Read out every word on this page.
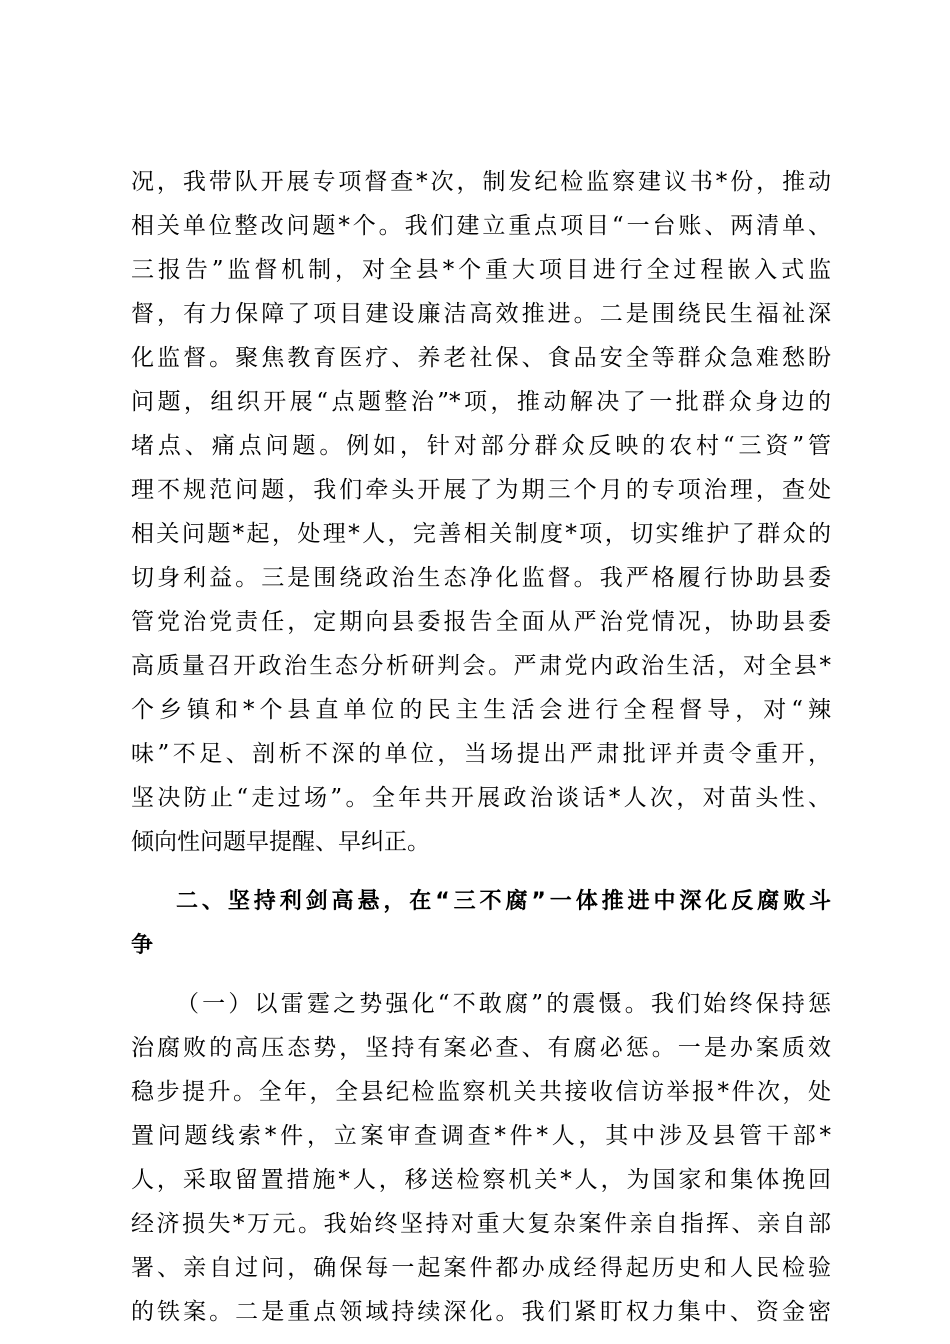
况，我带队开展专项督查*次，制发纪检监察建议书*份，推动
相关单位整改问题*个。我们建立重点项目“一台账、两清单、
三报告”监督机制，对全县*个重大项目进行全过程嵌入式监
督，有力保障了项目建设廉洁高效推进。二是围绕民生福祉深
化监督。聚焦教育医疗、养老社保、食品安全等群众急难愁盼
问题，组织开展“点题整治”*项，推动解决了一批群众身边的
堵点、痛点问题。例如，针对部分群众反映的农村“三资”管
理不规范问题，我们牵头开展了为期三个月的专项治理，查处
相关问题*起，处理*人，完善相关制度*项，切实维护了群众的
切身利益。三是围绕政治生态净化监督。我严格履行协助县委
管党治党责任，定期向县委报告全面从严治党情况，协助县委
高质量召开政治生态分析研判会。严肃党内政治生活，对全县*
个乡镇和*个县直单位的民主生活会进行全程督导，对“辣
味”不足、剖析不深的单位，当场提出严肃批评并责令重开，
坚决防止“走过场”。全年共开展政治谈话*人次，对苗头性、
倾向性问题早提醒、早纠正。
二、坚持利剑高悬，在“三不腐”一体推进中深化反腐败斗
争
（一）以雷霆之势强化“不敢腐”的震慑。我们始终保持惩
治腐败的高压态势，坚持有案必查、有腐必惩。一是办案质效
稳步提升。全年，全县纪检监察机关共接收信访举报*件次，处
置问题线索*件，立案审查调查*件*人，其中涉及县管干部*
人，采取留置措施*人，移送检察机关*人，为国家和集体挽回
经济损失*万元。我始终坚持对重大复杂案件亲自指挥、亲自部
署、亲自过问，确保每一起案件都办成经得起历史和人民检验
的铁案。二是重点领域持续深化。我们紧盯权力集中、资金密
